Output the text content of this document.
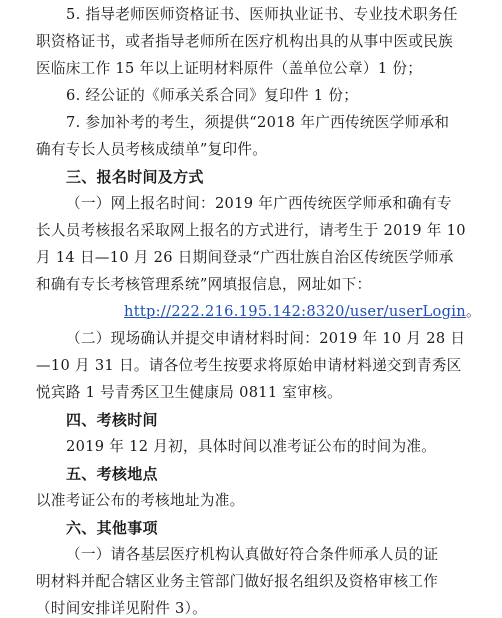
5. 指导老师医师资格证书、医师执业证书、专业技术职务任
职资格证书，或者指导老师所在医疗机构出具的从事中医或民族
医临床工作 15 年以上证明材料原件（盖单位公章）1 份；
6. 经公证的《师承关系合同》复印件 1 份；
7. 参加补考的考生，须提供“2018 年广西传统医学师承和
确有专长人员考核成绩单”复印件。
三、报名时间及方式
（一）网上报名时间：2019 年广西传统医学师承和确有专
长人员考核报名采取网上报名的方式进行，请考生于 2019 年 10
月 14 日—10 月 26 日期间登录“广西壮族自治区传统医学师承
和确有专长考核管理系统”网填报信息，网址如下：
http://222.216.195.142:8320/user/userLogin。
（二）现场确认并提交申请材料时间：2019 年 10 月 28 日
—10 月 31 日。请各位考生按要求将原始申请材料递交到青秀区
悦宾路 1 号青秀区卫生健康局 0811 室审核。
四、考核时间
2019 年 12 月初，具体时间以准考证公布的时间为准。
五、考核地点
以准考证公布的考核地址为准。
六、其他事项
（一）请各基层医疗机构认真做好符合条件师承人员的证
明材料并配合辖区业务主管部门做好报名组织及资格审核工作
（时间安排详见附件 3）。
